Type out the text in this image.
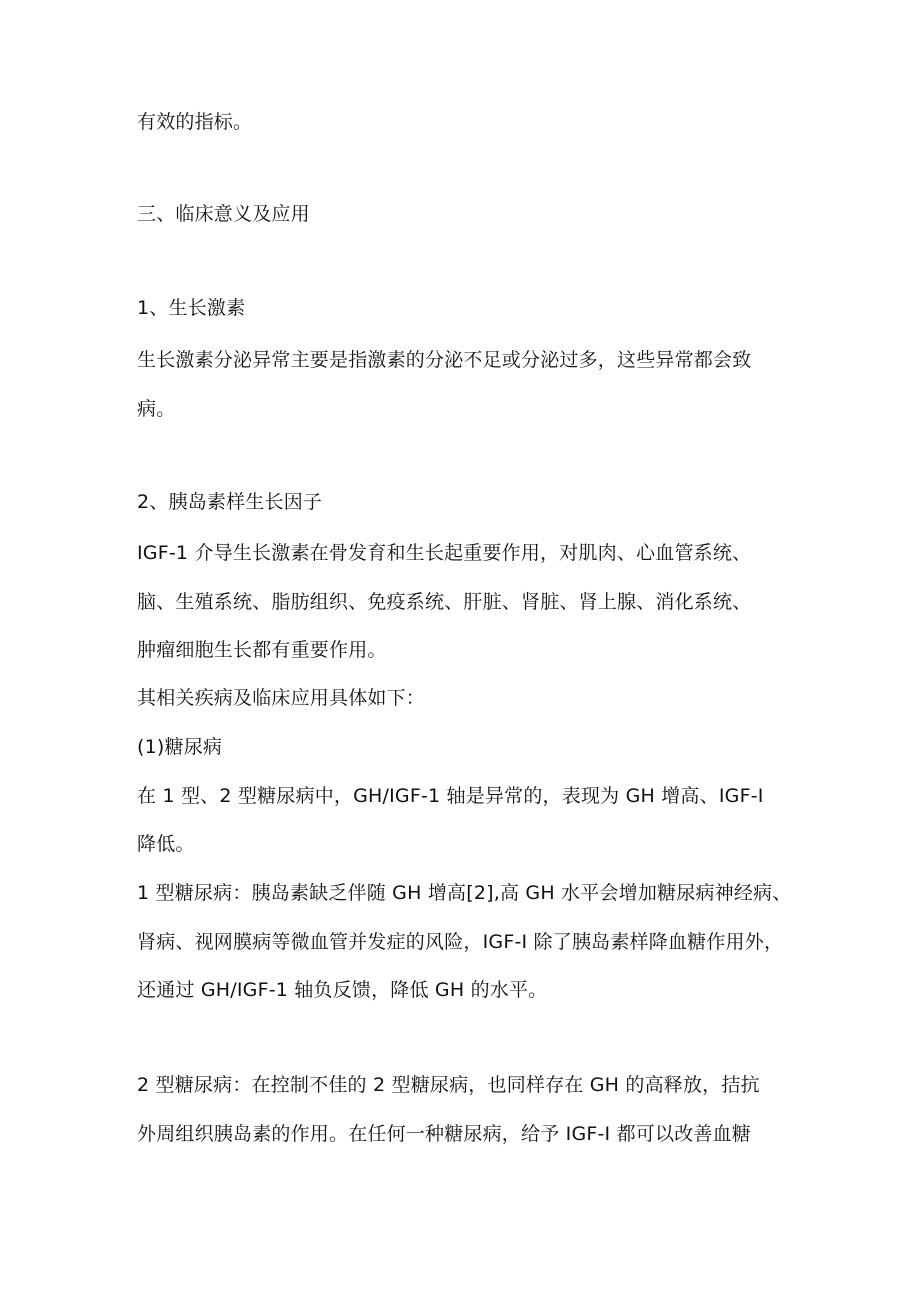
有效的指标。
三、临床意义及应用
1、生长激素
生长激素分泌异常主要是指激素的分泌不足或分泌过多，这些异常都会致
病。
2、胰岛素样生长因子
IGF-1 介导生长激素在骨发育和生长起重要作用，对肌肉、心血管系统、
脑、生殖系统、脂肪组织、免疫系统、肝脏、肾脏、肾上腺、消化系统、
肿瘤细胞生长都有重要作用。
其相关疾病及临床应用具体如下：
(1)糖尿病
在 1 型、2 型糖尿病中，GH/IGF-1 轴是异常的，表现为 GH 增高、IGF-I
降低。
1 型糖尿病：胰岛素缺乏伴随 GH 增高[2],高 GH 水平会增加糖尿病神经病、
肾病、视网膜病等微血管并发症的风险，IGF-I 除了胰岛素样降血糖作用外，
还通过 GH/IGF-1 轴负反馈，降低 GH 的水平。
2 型糖尿病：在控制不佳的 2 型糖尿病，也同样存在 GH 的高释放，拮抗
外周组织胰岛素的作用。在任何一种糖尿病，给予 IGF-I 都可以改善血糖
